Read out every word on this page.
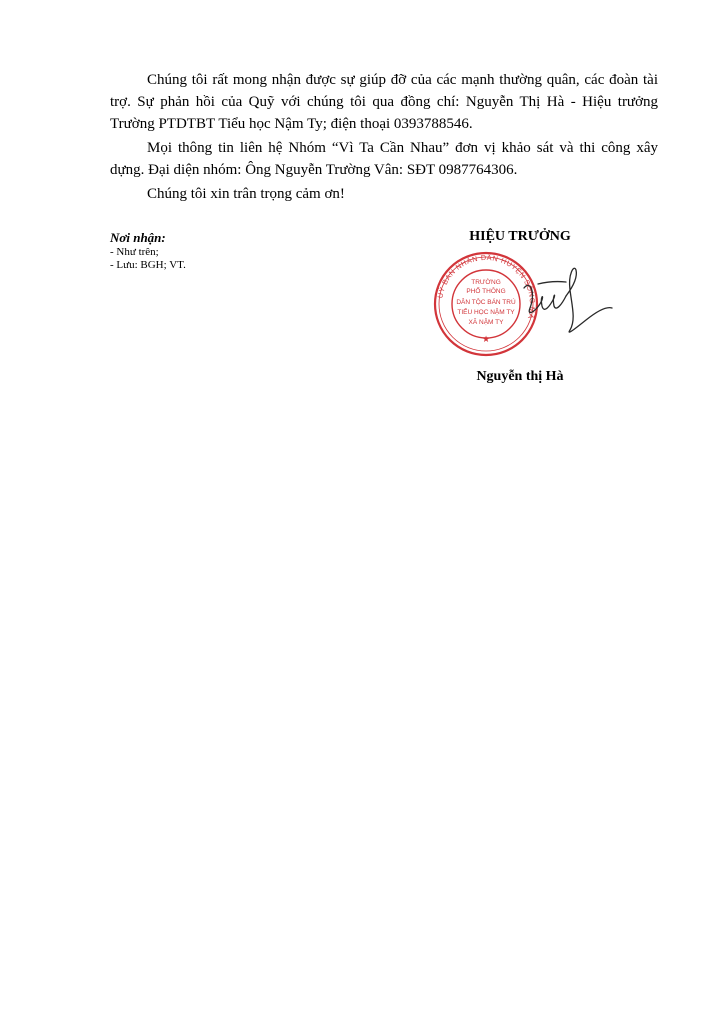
Chúng tôi rất mong nhận được sự giúp đỡ của các mạnh thường quân, các đoàn tài trợ. Sự phản hồi của Quỹ với chúng tôi qua đồng chí: Nguyễn Thị Hà - Hiệu trưởng Trường PTDTBT Tiểu học Nậm Ty; điện thoại 0393788546.

Mọi thông tin liên hệ Nhóm “Vì Ta Cần Nhau” đơn vị khảo sát và thi công xây dựng. Đại diện nhóm: Ông Nguyễn Trường Vân: SĐT 0987764306.

Chúng tôi xin trân trọng cảm ơn!

Nơi nhận:
- Như trên;
- Lưu: BGH; VT.
HIỆU TRƯỞNG
UỶ BAN NHÂN DÂN HUYỆN SÔNG MÃ
TRƯỜNG
PHỔ THÔNG
DÂN TỘC BÁN TRÚ
TIỂU HỌC NẬM TY
XÃ NẬM TY
★
Nguyễn thị Hà
